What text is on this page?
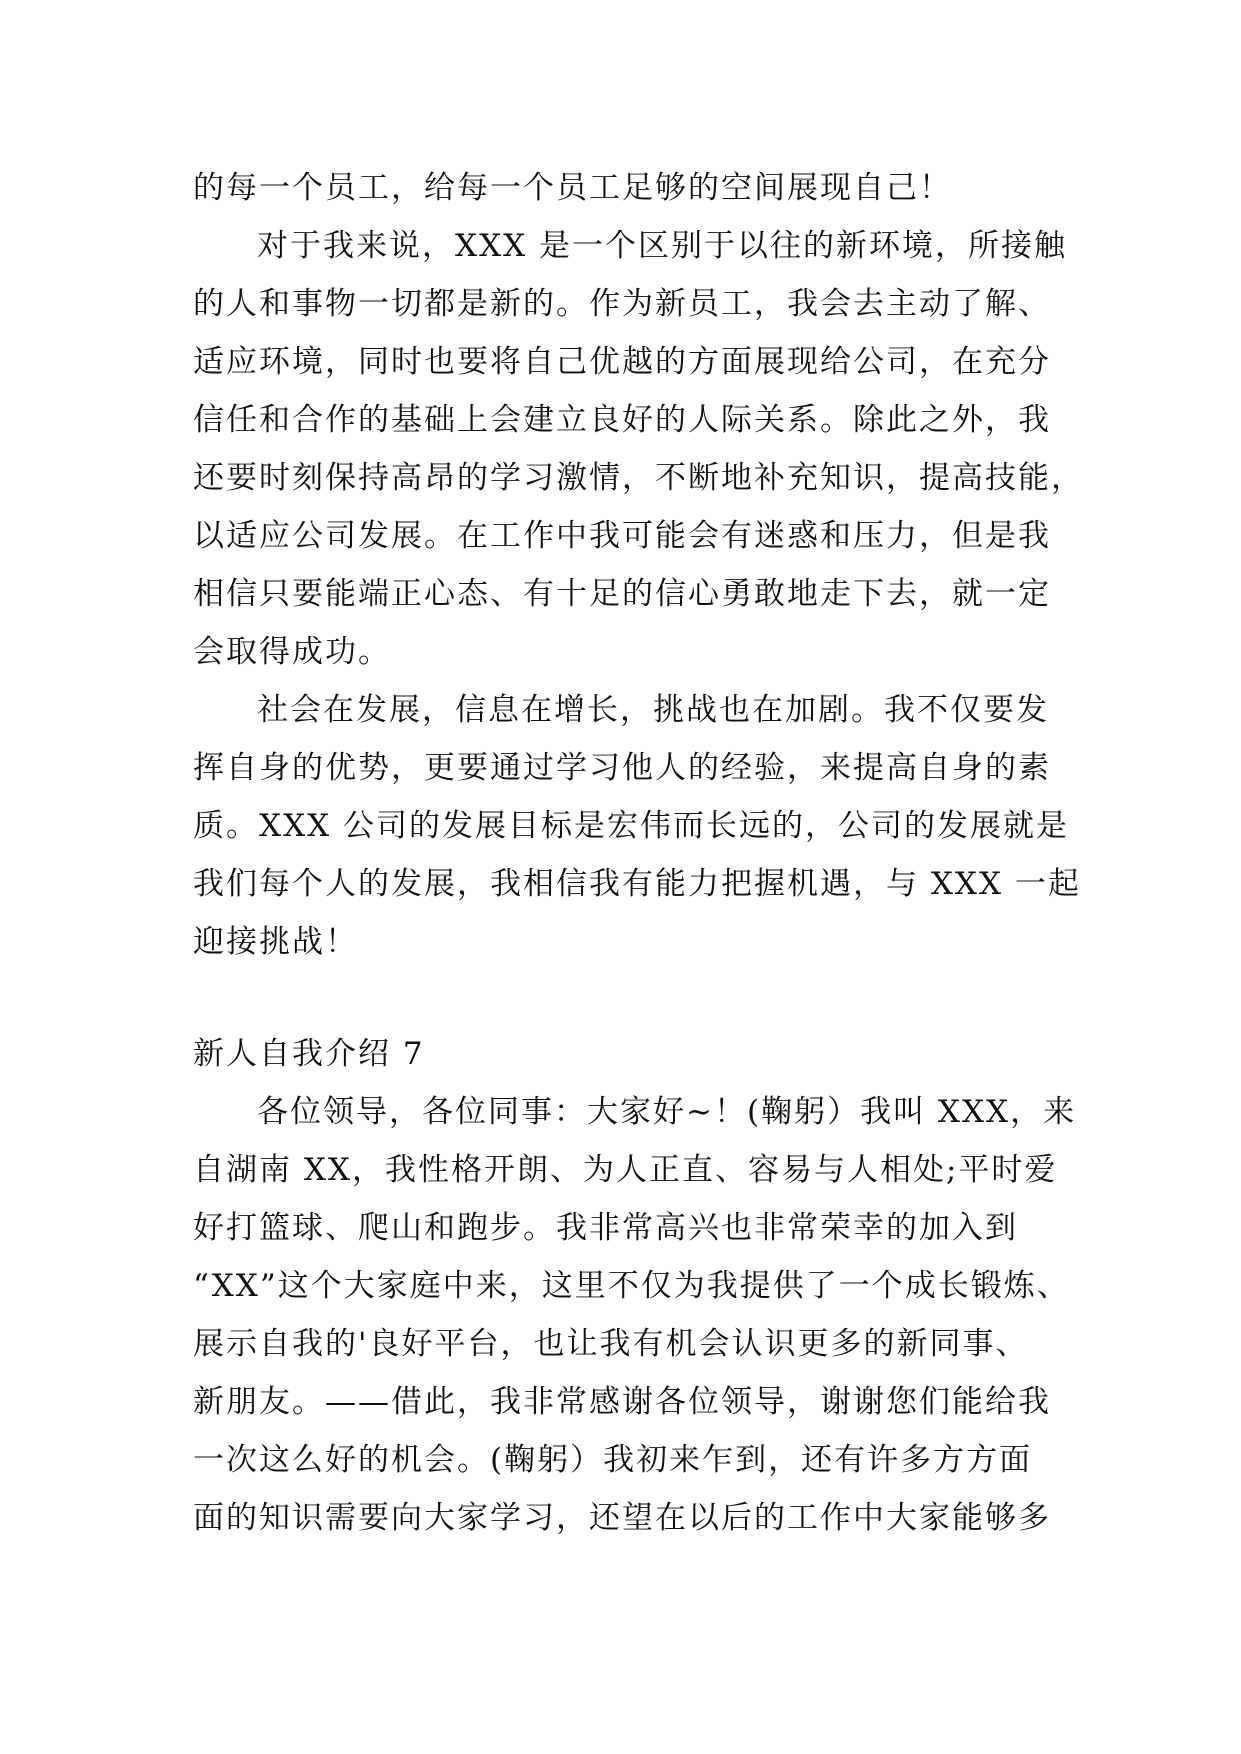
的每一个员工，给每一个员工足够的空间展现自己！

对于我来说，XXX 是一个区别于以往的新环境，所接触

的人和事物一切都是新的。作为新员工，我会去主动了解、

适应环境，同时也要将自己优越的方面展现给公司，在充分

信任和合作的基础上会建立良好的人际关系。除此之外，我

还要时刻保持高昂的学习激情，不断地补充知识，提高技能，

以适应公司发展。在工作中我可能会有迷惑和压力，但是我

相信只要能端正心态、有十足的信心勇敢地走下去，就一定

会取得成功。

社会在发展，信息在增长，挑战也在加剧。我不仅要发

挥自身的优势，更要通过学习他人的经验，来提高自身的素

质。XXX 公司的发展目标是宏伟而长远的，公司的发展就是

我们每个人的发展，我相信我有能力把握机遇，与 XXX 一起

迎接挑战！

新人自我介绍 7

各位领导，各位同事：大家好~！(鞠躬）我叫 XXX，来

自湖南 XX，我性格开朗、为人正直、容易与人相处;平时爱

好打篮球、爬山和跑步。我非常高兴也非常荣幸的加入到

“XX”这个大家庭中来，这里不仅为我提供了一个成长锻炼、

展示自我的'良好平台，也让我有机会认识更多的新同事、

新朋友。——借此，我非常感谢各位领导，谢谢您们能给我

一次这么好的机会。(鞠躬）我初来乍到，还有许多方方面

面的知识需要向大家学习，还望在以后的工作中大家能够多
